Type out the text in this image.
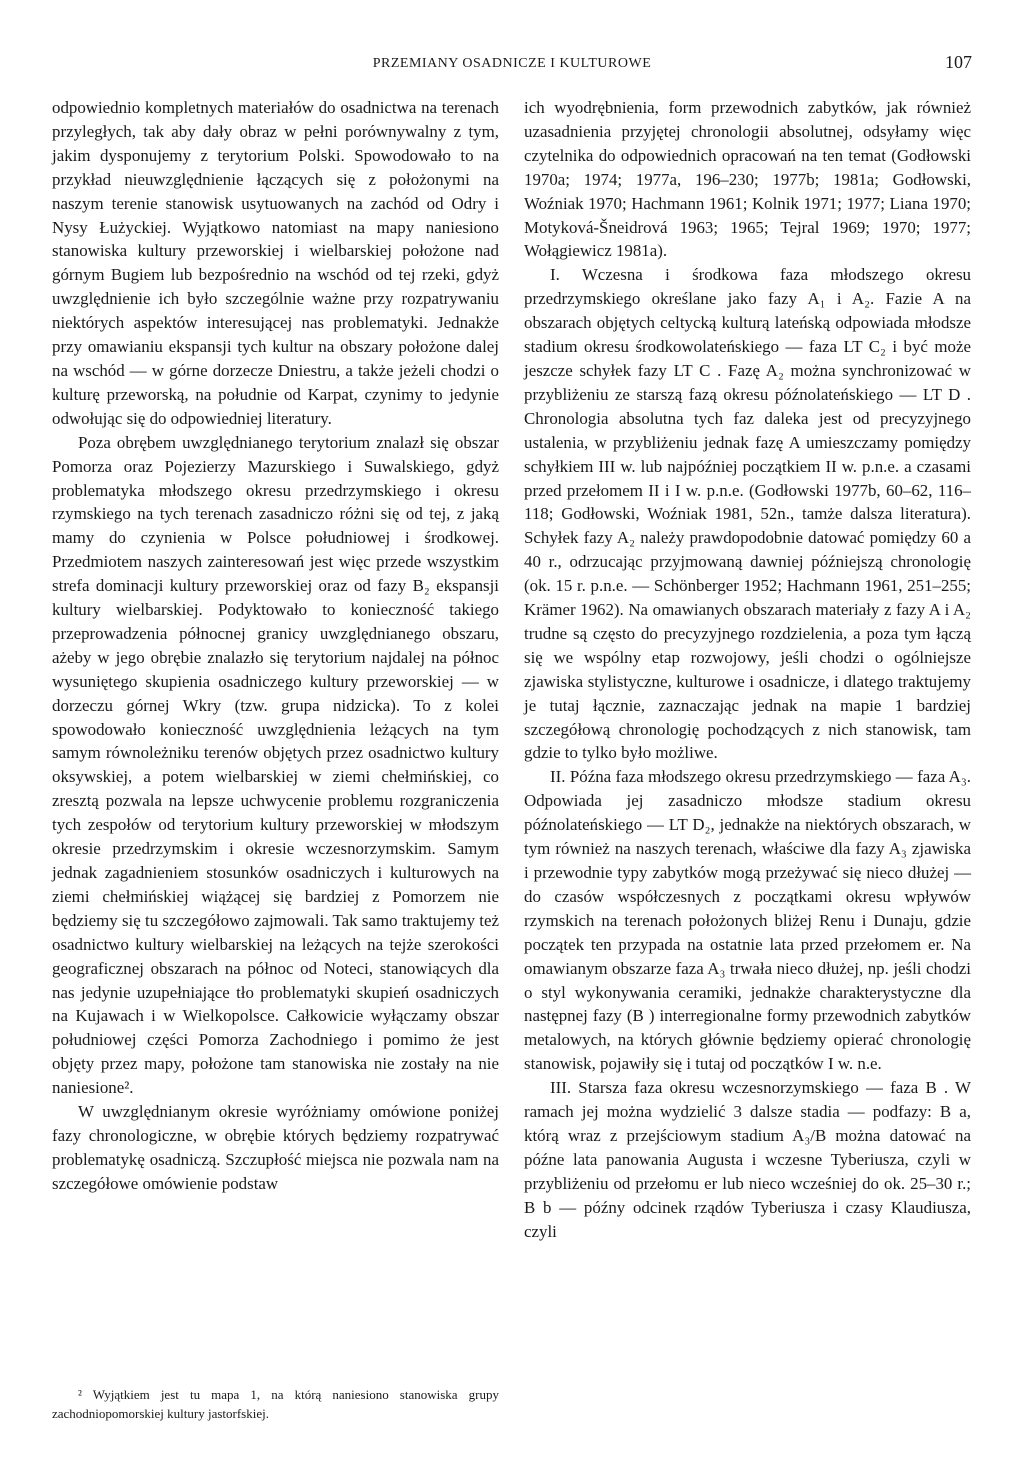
PRZEMIANY OSADNICZE I KULTUROWE	107

odpowiednio kompletnych materiałów do osadnictwa na terenach przyległych, tak aby dały obraz w pełni porównywalny z tym, jakim dysponujemy z terytorium Polski. Spowodowało to na przykład nieuwzględnienie łączących się z położonymi na naszym terenie stanowisk usytuowanych na zachód od Odry i Nysy Łużyckiej. Wyjątkowo natomiast na mapy naniesiono stanowiska kultury przeworskiej i wielbarskiej położone nad górnym Bugiem lub bezpośrednio na wschód od tej rzeki, gdyż uwzględnienie ich było szczególnie ważne przy rozpatrywaniu niektórych aspektów interesującej nas problematyki. Jednakże przy omawianiu ekspansji tych kultur na obszary położone dalej na wschód — w górne dorzecze Dniestru, a także jeżeli chodzi o kulturę przeworską, na południe od Karpat, czynimy to jedynie odwołując się do odpowiedniej literatury.

Poza obrębem uwzględnianego terytorium znalazł się obszar Pomorza oraz Pojezierzy Mazurskiego i Suwalskiego, gdyż problematyka młodszego okresu przedrzymskiego i okresu rzymskiego na tych terenach zasadniczo różni się od tej, z jaką mamy do czynienia w Polsce południowej i środkowej. Przedmiotem naszych zainteresowań jest więc przede wszystkim strefa dominacji kultury przeworskiej oraz od fazy B₂ ekspansji kultury wielbarskiej. Podyktowało to konieczność takiego przeprowadzenia północnej granicy uwzględnianego obszaru, ażeby w jego obrębie znalazło się terytorium najdalej na północ wysuniętego skupienia osadniczego kultury przeworskiej — w dorzeczu górnej Wkry (tzw. grupa nidzicka). To z kolei spowodowało konieczność uwzględnienia leżących na tym samym równoleżniku terenów objętych przez osadnictwo kultury oksywskiej, a potem wielbarskiej w ziemi chełmińskiej, co zresztą pozwala na lepsze uchwycenie problemu rozgraniczenia tych zespołów od terytorium kultury przeworskiej w młodszym okresie przedrzymskim i okresie wczesnorzymskim. Samym jednak zagadnieniem stosunków osadniczych i kulturowych na ziemi chełmińskiej wiążącej się bardziej z Pomorzem nie będziemy się tu szczegółowo zajmowali. Tak samo traktujemy też osadnictwo kultury wielbarskiej na leżących na tejże szerokości geograficznej obszarach na północ od Noteci, stanowiących dla nas jedynie uzupełniające tło problematyki skupień osadniczych na Kujawach i w Wielkopolsce. Całkowicie wyłączamy obszar południowej części Pomorza Zachodniego i pomimo że jest objęty przez mapy, położone tam stanowiska nie zostały na nie naniesione².

W uwzględnianym okresie wyróżniamy omówione poniżej fazy chronologiczne, w obrębie których będziemy rozpatrywać problematykę osadniczą. Szczupłość miejsca nie pozwala nam na szczegółowe omówienie podstaw

ich wyodrębnienia, form przewodnich zabytków, jak również uzasadnienia przyjętej chronologii absolutnej, odsyłamy więc czytelnika do odpowiednich opracowań na ten temat (Godłowski 1970a; 1974; 1977a, 196–230; 1977b; 1981a; Godłowski, Woźniak 1970; Hachmann 1961; Kolnik 1971; 1977; Liana 1970; Motyková-Šneidrová 1963; 1965; Tejral 1969; 1970; 1977; Wołągiewicz 1981a).

I. Wczesna i środkowa faza młodszego okresu przedrzymskiego określane jako fazy A₁ i A₂. Fazie A na obszarach objętych celtycką kulturą lateńską odpowiada młodsze stadium okresu środkowolateńskiego — faza LT C₂ i być może jeszcze schyłek fazy LT C . Fazę A₂ można synchronizować w przybliżeniu ze starszą fazą okresu późnolateńskiego — LT D . Chronologia absolutna tych faz daleka jest od precyzyjnego ustalenia, w przybliżeniu jednak fazę A umieszczamy pomiędzy schyłkiem III w. lub najpóźniej początkiem II w. p.n.e. a czasami przed przełomem II i I w. p.n.e. (Godłowski 1977b, 60–62, 116–118; Godłowski, Woźniak 1981, 52n., tamże dalsza literatura). Schyłek fazy A₂ należy prawdopodobnie datować pomiędzy 60 a 40 r., odrzucając przyjmowaną dawniej późniejszą chronologię (ok. 15 r. p.n.e. — Schönberger 1952; Hachmann 1961, 251–255; Krämer 1962). Na omawianych obszarach materiały z fazy A i A₂ trudne są często do precyzyjnego rozdzielenia, a poza tym łączą się we wspólny etap rozwojowy, jeśli chodzi o ogólniejsze zjawiska stylistyczne, kulturowe i osadnicze, i dlatego traktujemy je tutaj łącznie, zaznaczając jednak na mapie 1 bardziej szczegółową chronologię pochodzących z nich stanowisk, tam gdzie to tylko było możliwe.

II. Późna faza młodszego okresu przedrzymskiego — faza A₃. Odpowiada jej zasadniczo młodsze stadium okresu późnolateńskiego — LT D₂, jednakże na niektórych obszarach, w tym również na naszych terenach, właściwe dla fazy A₃ zjawiska i przewodnie typy zabytków mogą przeżywać się nieco dłużej — do czasów współczesnych z początkami okresu wpływów rzymskich na terenach położonych bliżej Renu i Dunaju, gdzie początek ten przypada na ostatnie lata przed przełomem er. Na omawianym obszarze faza A₃ trwała nieco dłużej, np. jeśli chodzi o styl wykonywania ceramiki, jednakże charakterystyczne dla następnej fazy (B ) interregionalne formy przewodnich zabytków metalowych, na których głównie będziemy opierać chronologię stanowisk, pojawiły się i tutaj od początków I w. n.e.

III. Starsza faza okresu wczesnorzymskiego — faza B . W ramach jej można wydzielić 3 dalsze stadia — podfazy: B a, którą wraz z przejściowym stadium A₃/B można datować na późne lata panowania Augusta i wczesne Tyberiusza, czyli w przybliżeniu od przełomu er lub nieco wcześniej do ok. 25–30 r.; B b — późny odcinek rządów Tyberiusza i czasy Klaudiusza, czyli

² Wyjątkiem jest tu mapa 1, na którą naniesiono stanowiska grupy zachodniopomorskiej kultury jastorfskiej.
